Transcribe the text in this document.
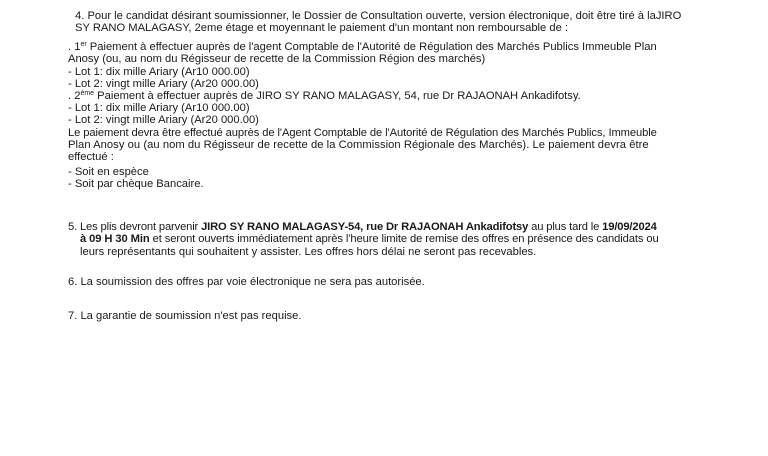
4. Pour le candidat désirant soumissionner, le Dossier de Consultation ouverte, version électronique, doit être tiré à laJIRO
SY RANO MALAGASY, 2eme étage et moyennant le paiement d'un montant non remboursable de :
. 1er Paiement à effectuer auprès de l'agent Comptable de l'Autorité de Régulation des Marchés Publics Immeuble Plan
Anosy (ou, au nom du Régisseur de recette de la Commission Région des marchés)
- Lot 1: dix mille Ariary (Ar10 000.00)
- Lot 2: vingt mille Ariary (Ar20 000.00)
. 2ème Paiement à effectuer auprès de JIRO SY RANO MALAGASY, 54, rue Dr RAJAONAH Ankadifotsy.
- Lot 1: dix mille Ariary (Ar10 000.00)
- Lot 2: vingt mille Ariary (Ar20 000.00)
Le paiement devra être effectué auprès de l'Agent Comptable de l'Autorité de Régulation des Marchés Publics, Immeuble
Plan Anosy ou (au nom du Régisseur de recette de la Commission Régionale des Marchés). Le paiement devra être
effectué :
- Soit en espèce
- Soit par chèque Bancaire.
5. Les plis devront parvenir JIRO SY RANO MALAGASY-54, rue Dr RAJAONAH Ankadifotsy au plus tard le 19/09/2024
à 09 H 30 Min et seront ouverts immédiatement après l'heure limite de remise des offres en présence des candidats ou
leurs représentants qui souhaitent y assister. Les offres hors délai ne seront pas recevables.
6. La soumission des offres par voie électronique ne sera pas autorisée.
7. La garantie de soumission n'est pas requise.
